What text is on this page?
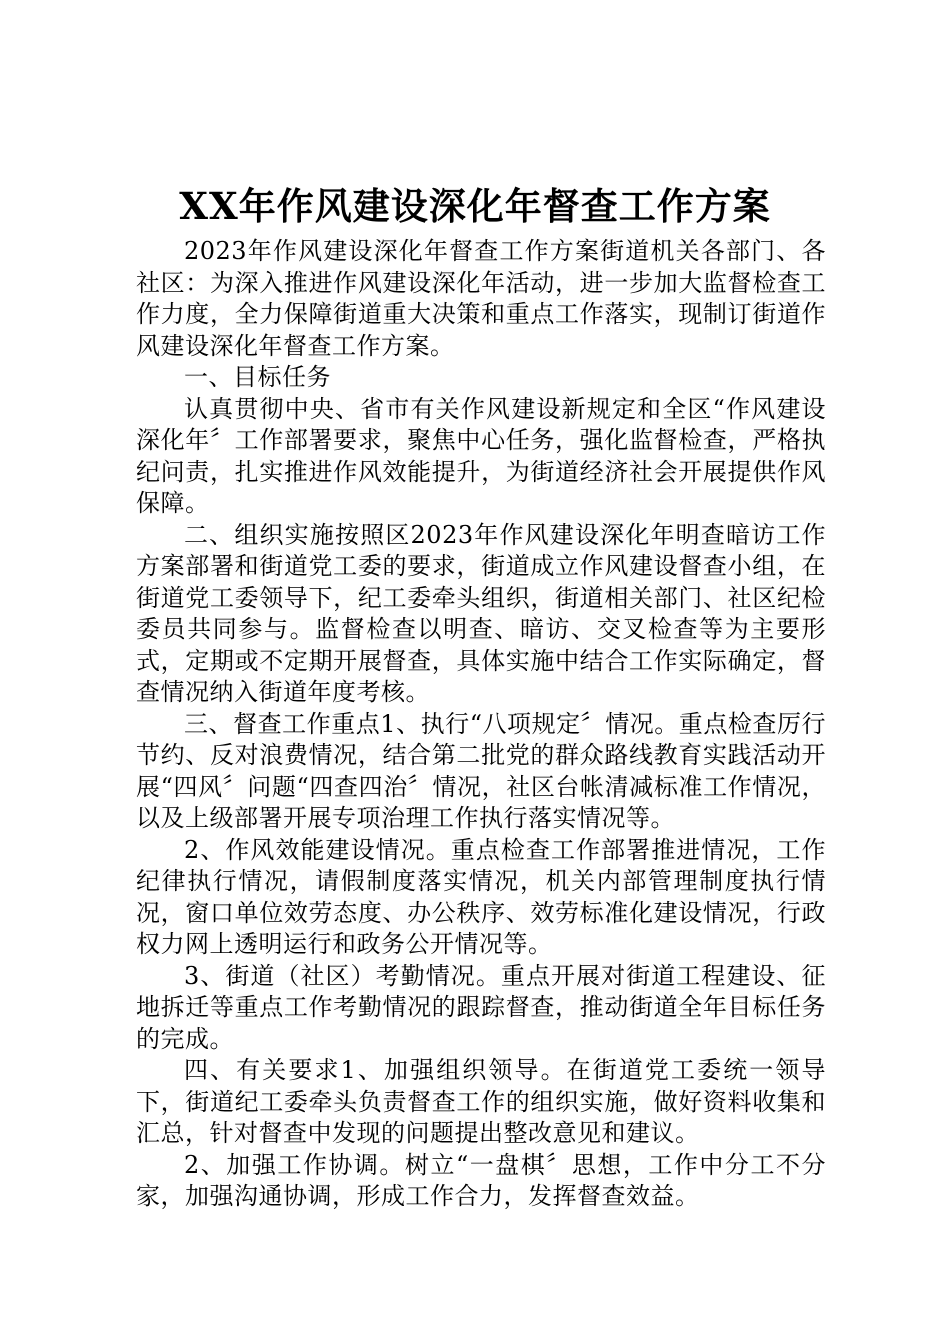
XX年作风建设深化年督查工作方案

2023年作风建设深化年督查工作方案街道机关各部门、各社区：为深入推进作风建设深化年活动，进一步加大监督检查工作力度，全力保障街道重大决策和重点工作落实，现制订街道作风建设深化年督查工作方案。

一、目标任务

认真贯彻中央、省市有关作风建设新规定和全区“作风建设深化年〞工作部署要求，聚焦中心任务，强化监督检查，严格执纪问责，扎实推进作风效能提升，为街道经济社会开展提供作风保障。

二、组织实施按照区2023年作风建设深化年明查暗访工作方案部署和街道党工委的要求，街道成立作风建设督查小组，在街道党工委领导下，纪工委牵头组织，街道相关部门、社区纪检委员共同参与。监督检查以明查、暗访、交叉检查等为主要形式，定期或不定期开展督查，具体实施中结合工作实际确定，督查情况纳入街道年度考核。

三、督查工作重点1、执行“八项规定〞情况。重点检查厉行节约、反对浪费情况，结合第二批党的群众路线教育实践活动开展“四风〞问题“四查四治〞情况，社区台帐清减标准工作情况，以及上级部署开展专项治理工作执行落实情况等。

2、作风效能建设情况。重点检查工作部署推进情况，工作纪律执行情况，请假制度落实情况，机关内部管理制度执行情况，窗口单位效劳态度、办公秩序、效劳标准化建设情况，行政权力网上透明运行和政务公开情况等。

3、街道（社区）考勤情况。重点开展对街道工程建设、征地拆迁等重点工作考勤情况的跟踪督查，推动街道全年目标任务的完成。

四、有关要求1、加强组织领导。在街道党工委统一领导下，街道纪工委牵头负责督查工作的组织实施，做好资料收集和汇总，针对督查中发现的问题提出整改意见和建议。

2、加强工作协调。树立“一盘棋〞思想，工作中分工不分家，加强沟通协调，形成工作合力，发挥督查效益。
